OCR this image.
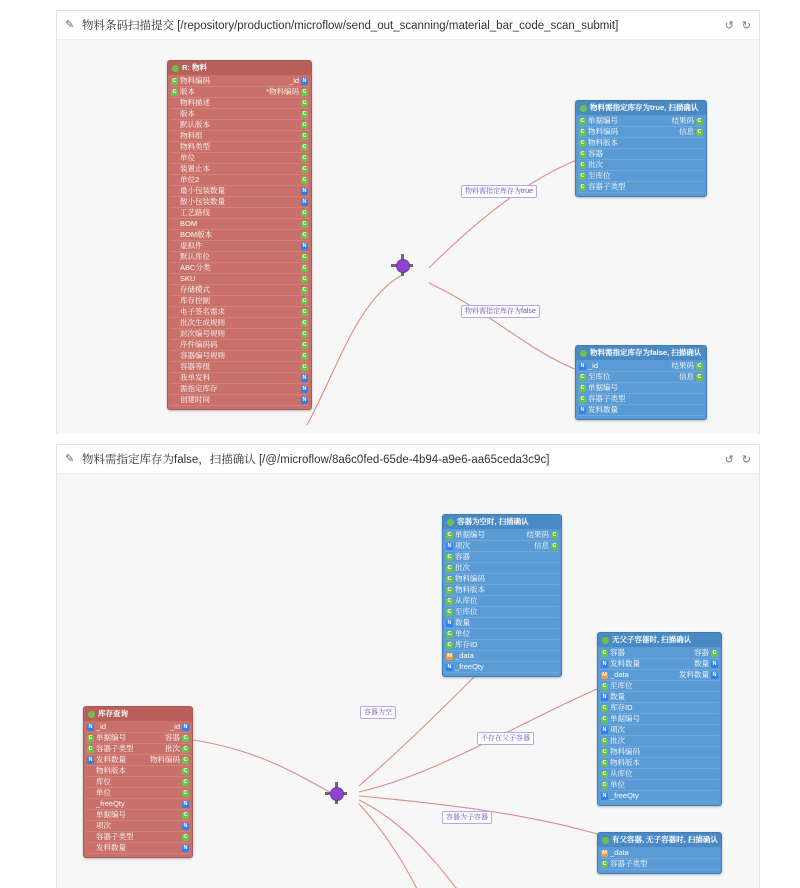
✎ 物料条码扫描提交 [/repository/production/microflow/send_out_scanning/material_bar_code_scan_submit]	↺ ↻
R: 物料
C 物料编码	_id N
C 版本	*物料编码 C
物料描述	C
版本	C
默认版本	C
物料组	C
物料类型	C
单位	C
装置止本	C
单位2	C
最小包装数量	N
散小包装数量	N
工艺路线	C
BOM	C
BOM版本	C
虚拟件	N
默认库位	C
ABC分类	C
SKU	C
存储模式	C
库存控制	C
电子签名需求	C
批次生成规则	C
封次编号规则	C
序件编码码	C
容器编号规则	C
容器等级	C
我单发料	N
需指定库存	N
创建时间	N
物料需指定库存为true
物料需指定库存为false
物料需指定库存为true, 扫描确认
C 单据编号	结果码 C
C 物料编码	信息 C
C 物料版本
C 容器
C 批次
C 至库位
C 容器子类型
物料需指定库存为false, 扫描确认
N _id	结果码 C
C 至库位	信息 C
C 单据编号
C 容器子类型
N 发料数量
✎ 物料需指定库存为false，扫描确认 [/@/microflow/8a6c0fed-65de-4b94-a9e6-aa65ceda3c9c]	↺ ↻
容器为空时, 扫描确认
C 单据编号	结果码 C
N 项次	信息 C
C 容器
C 批次
C 物料编码
C 物料版本
C 从库位
C 至库位
N 数量
C 单位
C 库存ID
M _data
N _freeQty
无父子容器时, 扫描确认
C 容器	容器 C
N 发料数量	数量 N
M _data	发料数量 N
C 至库位
N 数量
C 库存ID
C 单据编号
N 项次
C 批次
C 物料编码
C 物料版本
C 从库位
C 单位
N _freeQty
库存查询
N _id	_id N
C 单据编号	容器 C
C 容器子类型	批次 C
N 发料数量	物料编码 C
物料版本	C
库位	C
单位	C
_freeQty	N
单据编号	C
项次	N
容器子类型	C
发料数量	N
有父容器, 无子容器时, 扫描确认
M _data
C 容器子类型
容器为空
不存在父子容器
容器为子容器
